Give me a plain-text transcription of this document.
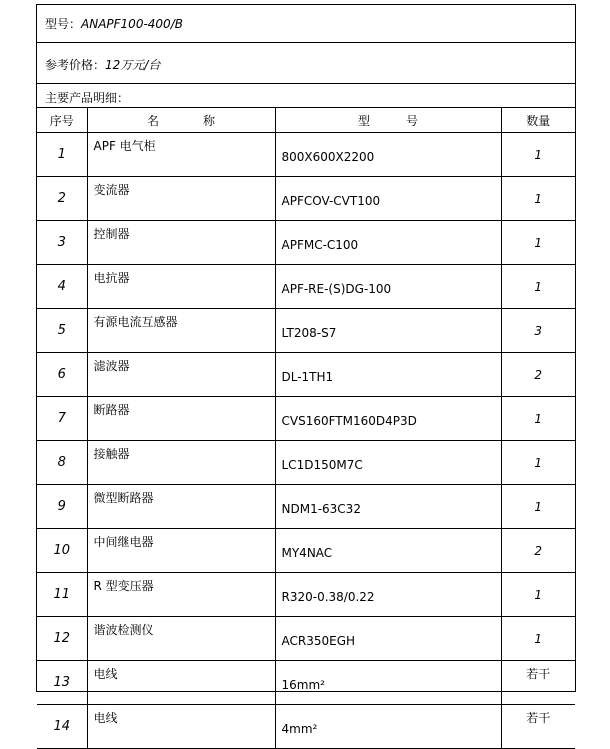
型号：ANAPF100-400/B
参考价格：12万元/台
主要产品明细：
序号	名 称	型 号	数量
1	APF 电气柜	800X600X2200	1
2	变流器	APFCOV-CVT100	1
3	控制器	APFMC-C100	1
4	电抗器	APF-RE-(S)DG-100	1
5	有源电流互感器	LT208-S7	3
6	滤波器	DL-1TH1	2
7	断路器	CVS160FTM160D4P3D	1
8	接触器	LC1D150M7C	1
9	微型断路器	NDM1-63C32	1
10	中间继电器	MY4NAC	2
11	R 型变压器	R320-0.38/0.22	1
12	谐波检测仪	ACR350EGH	1
13	电线	16mm²	若干
14	电线	4mm²	若干
